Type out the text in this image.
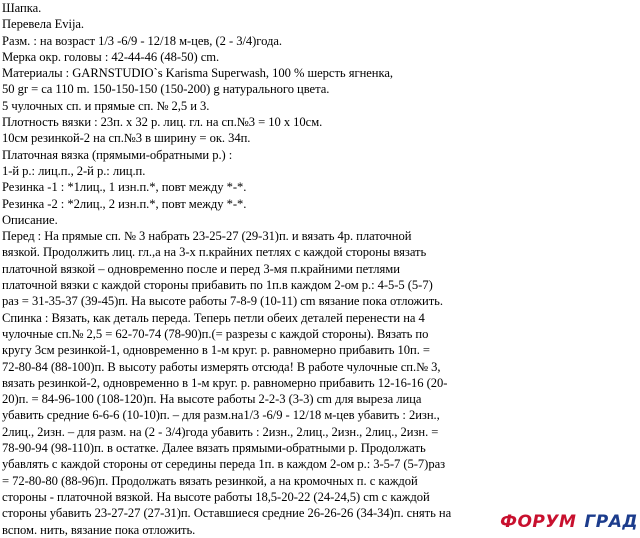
Шапка.
Перевела Evija.
Разм. : на возраст 1/3 -6/9 - 12/18 м-цев, (2 - 3/4)года.
Мерка окр. головы : 42-44-46 (48-50) cm.
Материалы : GARNSTUDIO`s Karisma Superwash, 100 % шерсть ягненка,
50 gr = ca 110 m. 150-150-150 (150-200) g натурального цвета.
5 чулочных сп. и прямые сп. № 2,5 и 3.
Плотность вязки : 23п. х 32 р. лиц. гл. на сп.№3 = 10 х 10см.
10см резинкой-2 на сп.№3 в ширину = ок. 34п.
Платочная вязка (прямыми-обратными р.) :
1-й р.: лиц.п., 2-й р.: лиц.п.
Резинка -1 : *1лиц., 1 изн.п.*, повт между *-*.
Резинка -2 : *2лиц., 2 изн.п.*, повт между *-*.
Описание.
Перед : На прямые сп. № 3 набрать 23-25-27 (29-31)п. и вязать 4р. платочной
вязкой. Продолжить лиц. гл.,а на 3-х п.крайних петлях с каждой стороны вязать
платочной вязкой – одновременно после и перед 3-мя п.крайними петлями
платочной вязки с каждой стороны прибавить по 1п.в каждом 2-ом р.: 4-5-5 (5-7)
раз = 31-35-37 (39-45)п. На высоте работы 7-8-9 (10-11) cm вязание пока отложить.
Спинка : Вязать, как деталь переда. Теперь петли обеих деталей перенести на 4
чулочные сп.№ 2,5 = 62-70-74 (78-90)п.(= разрезы с каждой стороны). Вязать по
кругу 3см резинкой-1, одновременно в 1-м круг. р. равномерно прибавить 10п. =
72-80-84 (88-100)п. В высоту работы измерять отсюда! В работе чулочные сп.№ 3,
вязать резинкой-2, одновременно в 1-м круг. р. равномерно прибавить 12-16-16 (20-
20)п. = 84-96-100 (108-120)п. На высоте работы 2-2-3 (3-3) cm для выреза лица
убавить средние 6-6-6 (10-10)п. – для разм.на1/3 -6/9 - 12/18 м-цев убавить : 2изн.,
2лиц., 2изн. – для разм. на (2 - 3/4)года убавить : 2изн., 2лиц., 2изн., 2лиц., 2изн. =
78-90-94 (98-110)п. в остатке. Далее вязать прямыми-обратными р. Продолжать
убавлять с каждой стороны от середины переда 1п. в каждом 2-ом р.: 3-5-7 (5-7)раз
= 72-80-80 (88-96)п. Продолжать вязать резинкой, а на кромочных п. с каждой
стороны - платочной вязкой. На высоте работы 18,5-20-22 (24-24,5) cm с каждой
стороны убавить 23-27-27 (27-31)п. Оставшиеся средние 26-26-26 (34-34)п. снять на
вспом. нить, вязание пока отложить.	ФОРУМ ГРАД
